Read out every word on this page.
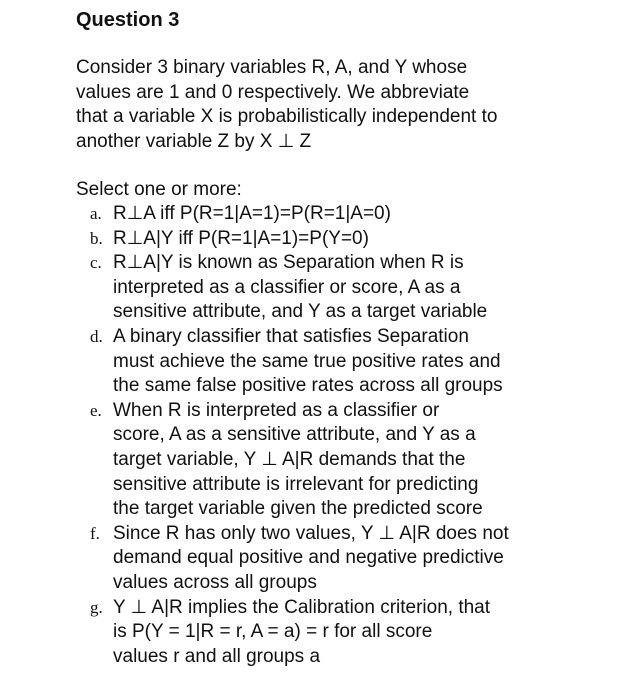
Question 3
Consider 3 binary variables R, A, and Y whose
values are 1 and 0 respectively. We abbreviate
that a variable X is probabilistically independent to
another variable Z by X ⊥ Z
Select one or more:
a. R⊥A iff P(R=1|A=1)=P(R=1|A=0)
b. R⊥A|Y iff P(R=1|A=1)=P(Y=0)
c. R⊥A|Y is known as Separation when R is
interpreted as a classifier or score, A as a
sensitive attribute, and Y as a target variable
d. A binary classifier that satisfies Separation
must achieve the same true positive rates and
the same false positive rates across all groups
e. When R is interpreted as a classifier or
score, A as a sensitive attribute, and Y as a
target variable, Y ⊥ A|R demands that the
sensitive attribute is irrelevant for predicting
the target variable given the predicted score
f. Since R has only two values, Y ⊥ A|R does not
demand equal positive and negative predictive
values across all groups
g. Y ⊥ A|R implies the Calibration criterion, that
is P(Y = 1|R = r, A = a) = r for all score
values r and all groups a
